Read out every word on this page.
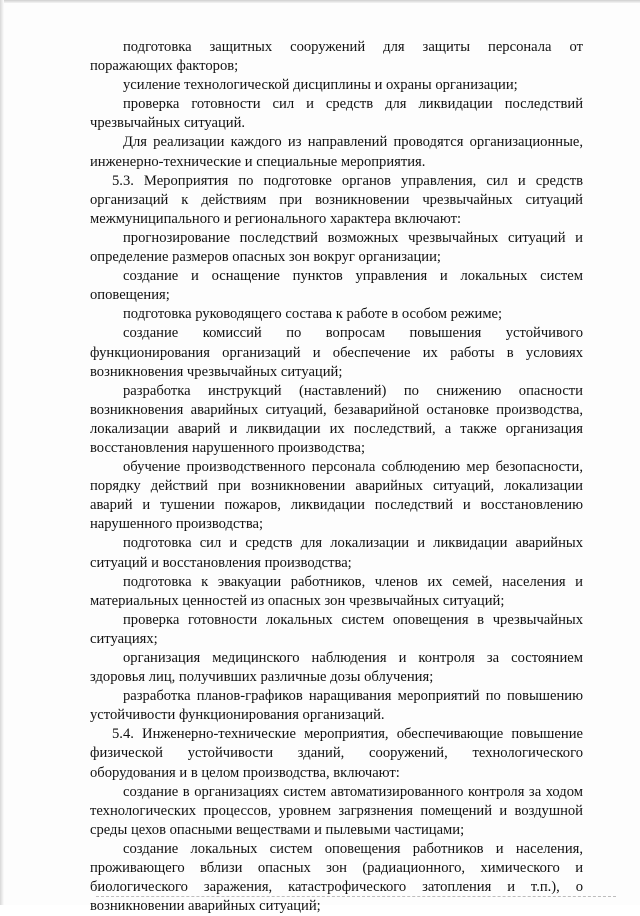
подготовка защитных сооружений для защиты персонала от поражающих факторов;

усиление технологической дисциплины и охраны организации;

проверка готовности сил и средств для ликвидации последствий чрезвычайных ситуаций.

Для реализации каждого из направлений проводятся организационные, инженерно-технические и специальные мероприятия.

5.3. Мероприятия по подготовке органов управления, сил и средств организаций к действиям при возникновении чрезвычайных ситуаций межмуниципального и регионального характера включают:

прогнозирование последствий возможных чрезвычайных ситуаций и определение размеров опасных зон вокруг организации;

создание и оснащение пунктов управления и локальных систем оповещения;

подготовка руководящего состава к работе в особом режиме;

создание комиссий по вопросам повышения устойчивого функционирования организаций и обеспечение их работы в условиях возникновения чрезвычайных ситуаций;

разработка инструкций (наставлений) по снижению опасности возникновения аварийных ситуаций, безаварийной остановке производства, локализации аварий и ликвидации их последствий, а также организация восстановления нарушенного производства;

обучение производственного персонала соблюдению мер безопасности, порядку действий при возникновении аварийных ситуаций, локализации аварий и тушении пожаров, ликвидации последствий и восстановлению нарушенного производства;

подготовка сил и средств для локализации и ликвидации аварийных ситуаций и восстановления производства;

подготовка к эвакуации работников, членов их семей, населения и материальных ценностей из опасных зон чрезвычайных ситуаций;

проверка готовности локальных систем оповещения в чрезвычайных ситуациях;

организация медицинского наблюдения и контроля за состоянием здоровья лиц, получивших различные дозы облучения;

разработка планов-графиков наращивания мероприятий по повышению устойчивости функционирования организаций.

5.4. Инженерно-технические мероприятия, обеспечивающие повышение физической устойчивости зданий, сооружений, технологического оборудования и в целом производства, включают:

создание в организациях систем автоматизированного контроля за ходом технологических процессов, уровнем загрязнения помещений и воздушной среды цехов опасными веществами и пылевыми частицами;

создание локальных систем оповещения работников и населения, проживающего вблизи опасных зон (радиационного, химического и биологического заражения, катастрофического затопления и т.п.), о возникновении аварийных ситуаций;
